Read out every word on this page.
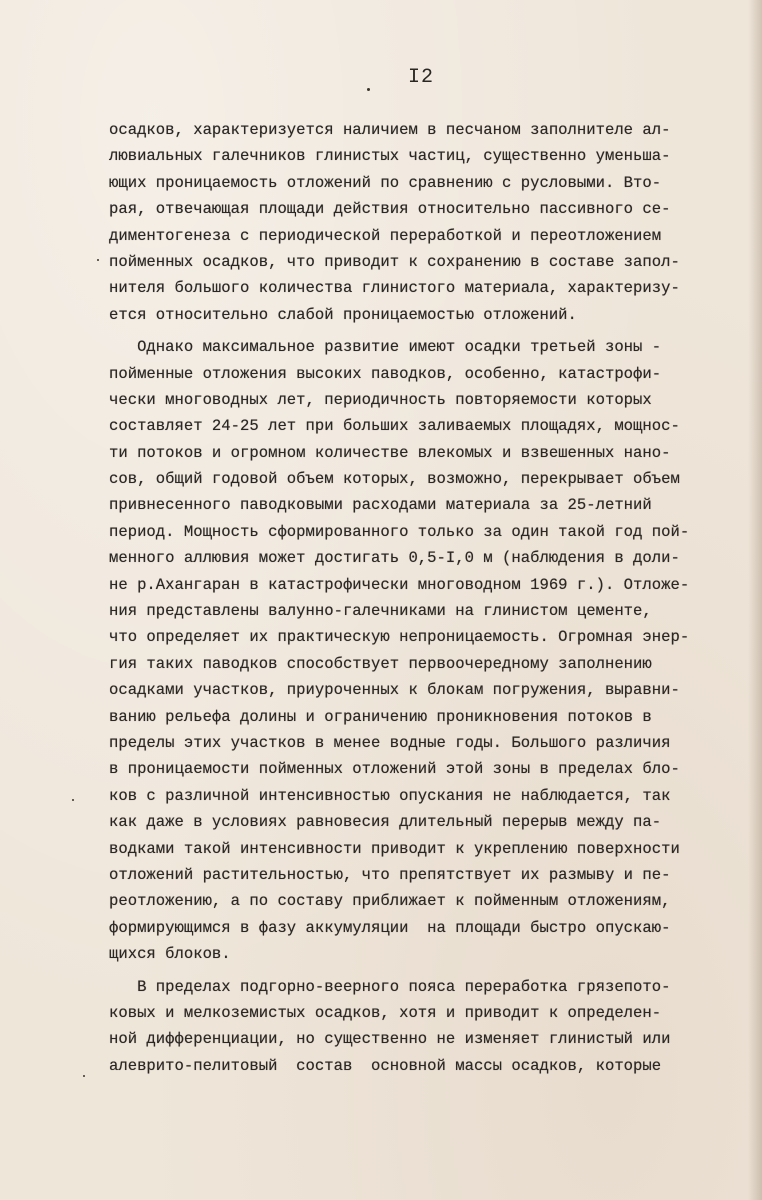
I2
осадков, характеризуется наличием в песчаном заполнителе ал-
лювиальных галечников глинистых частиц, существенно уменьша-
ющих проницаемость отложений по сравнению с русловыми. Вто-
рая, отвечающая площади действия относительно пассивного се-
диментогенеза с периодической переработкой и переотложением
пойменных осадков, что приводит к сохранению в составе запол-
нителя большого количества глинистого материала, характеризу-
ется относительно слабой проницаемостью отложений.
Однако максимальное развитие имеют осадки третьей зоны -
пойменные отложения высоких паводков, особенно, катастрофи-
чески многоводных лет, периодичность повторяемости которых
составляет 24-25 лет при больших заливаемых площадях, мощнос-
ти потоков и огромном количестве влекомых и взвешенных нано-
сов, общий годовой объем которых, возможно, перекрывает объем
привнесенного паводковыми расходами материала за 25-летний
период. Мощность сформированного только за один такой год пой-
менного аллювия может достигать 0,5-I,0 м (наблюдения в доли-
не р.Ахангаран в катастрофически многоводном 1969 г.). Отложе-
ния представлены валунно-галечниками на глинистом цементе,
что определяет их практическую непроницаемость. Огромная энер-
гия таких паводков способствует первоочередному заполнению
осадками участков, приуроченных к блокам погружения, выравни-
ванию рельефа долины и ограничению проникновения потоков в
пределы этих участков в менее водные годы. Большого различия
в проницаемости пойменных отложений этой зоны в пределах бло-
ков с различной интенсивностью опускания не наблюдается, так
как даже в условиях равновесия длительный перерыв между па-
водками такой интенсивности приводит к укреплению поверхности
отложений растительностью, что препятствует их размыву и пе-
реотложению, а по составу приближает к пойменным отложениям,
формирующимся в фазу аккумуляции  на площади быстро опускаю-
щихся блоков.
В пределах подгорно-веерного пояса переработка грязепото-
ковых и мелкоземистых осадков, хотя и приводит к определен-
ной дифференциации, но существенно не изменяет глинистый или
алевритo-пелитовый  состав  основной массы осадков, которые
